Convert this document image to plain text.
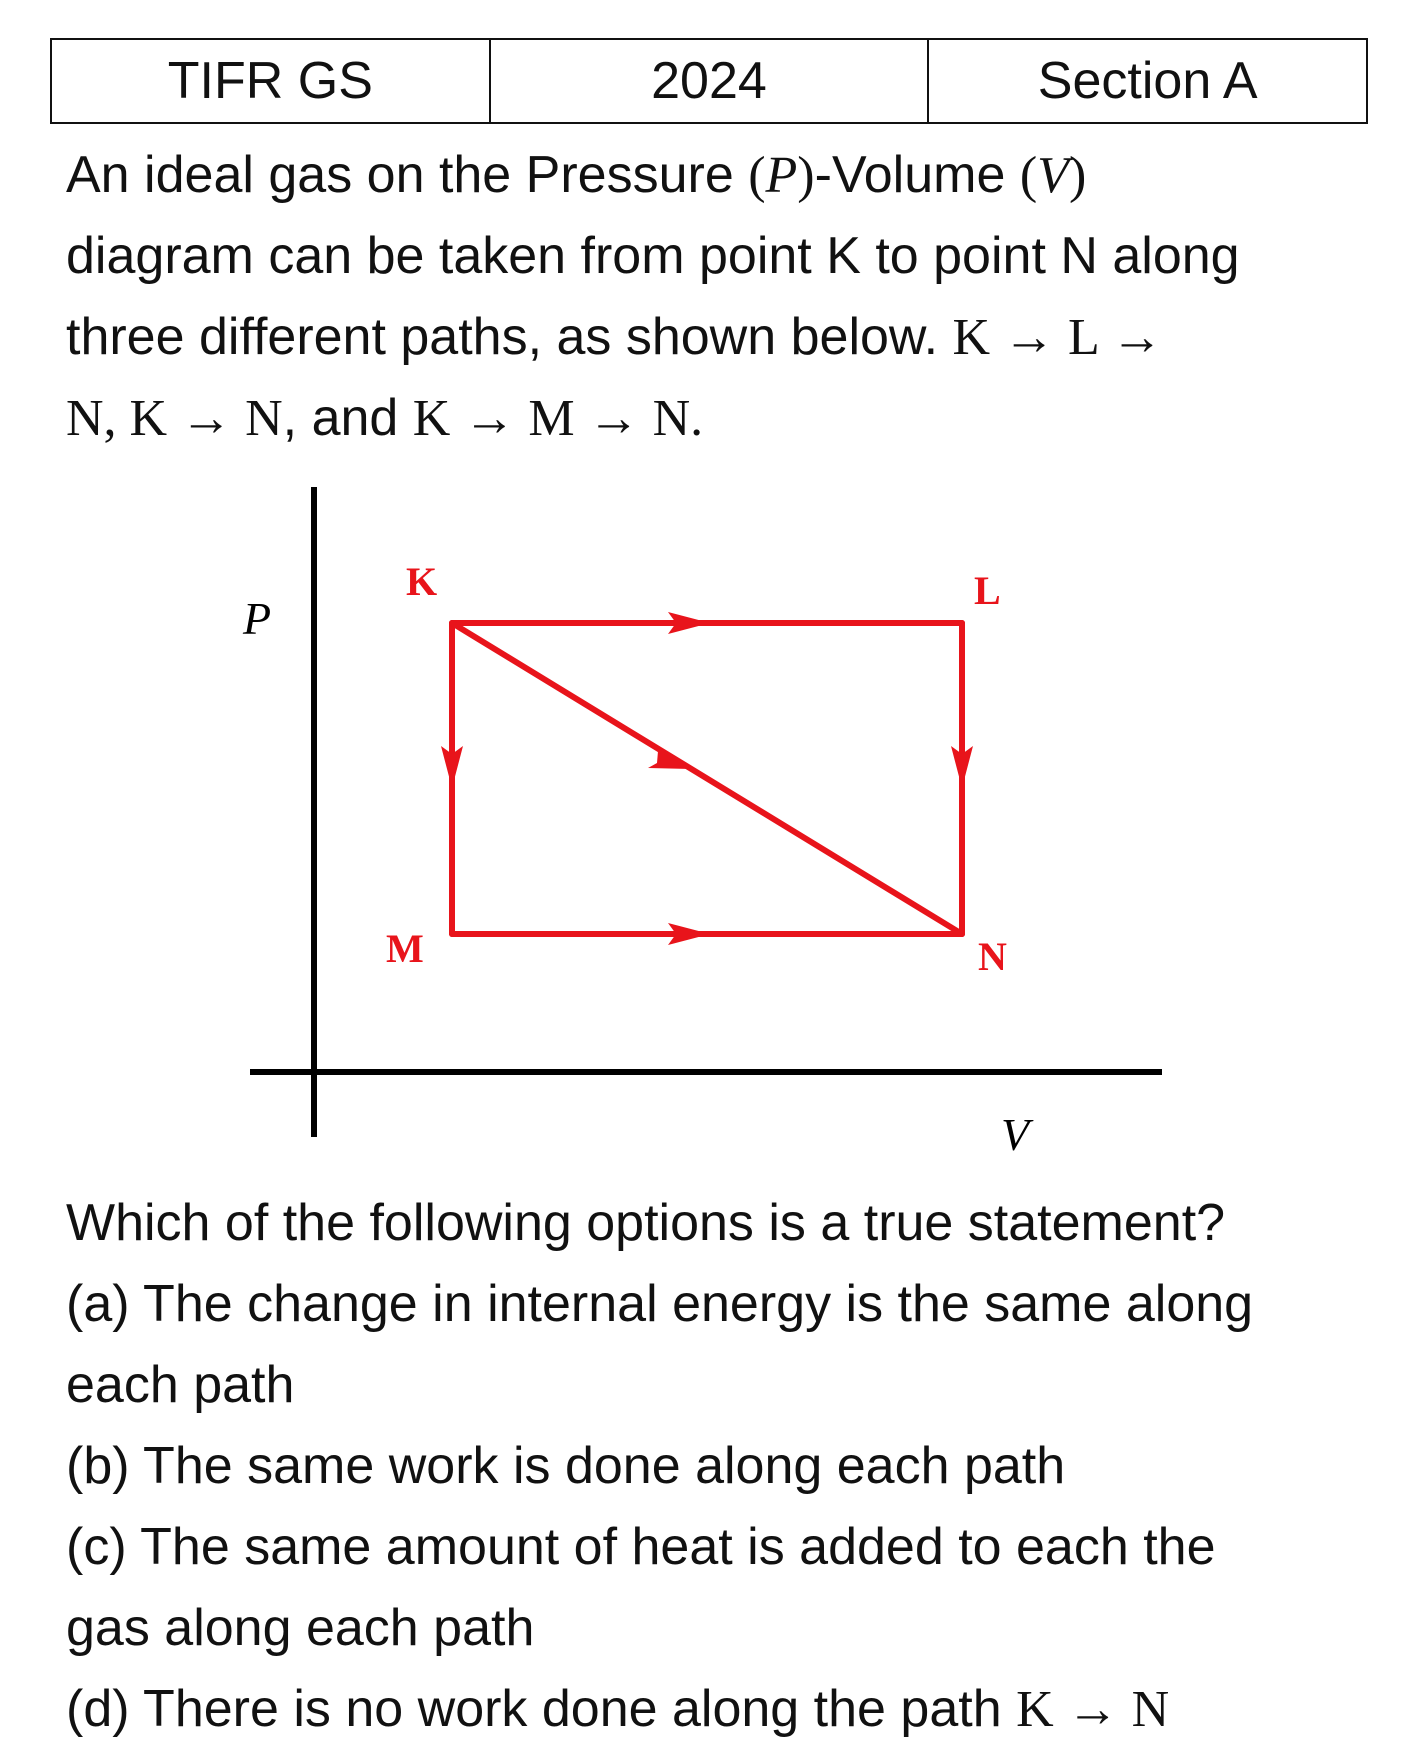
TIFR GS	2024	Section A

An ideal gas on the Pressure (P)-Volume (V)

diagram can be taken from point K to point N along

three different paths, as shown below. K → L →

N, K → N, and K → M → N.

P
V
K	L
M	N

Which of the following options is a true statement?

(a) The change in internal energy is the same along

each path

(b) The same work is done along each path

(c) The same amount of heat is added to each the

gas along each path

(d) There is no work done along the path K → N
